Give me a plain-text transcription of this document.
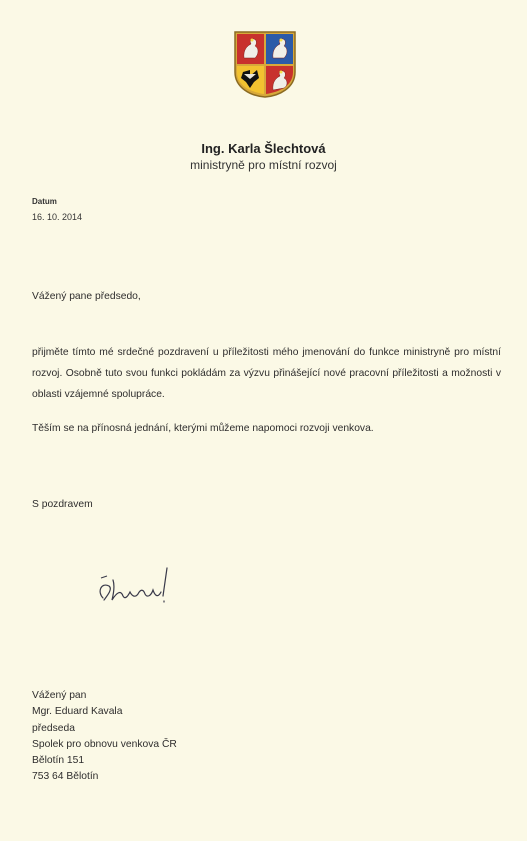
Ing. Karla Šlechtová
ministryně pro místní rozvoj
Datum
16. 10. 2014
Vážený pane předsedo,
přijměte tímto mé srdečné pozdravení u příležitosti mého jmenování do funkce ministryně pro místní rozvoj. Osobně tuto svou funkci pokládám za výzvu přinášející nové pracovní příležitosti a možnosti v oblasti vzájemné spolupráce.
Těším se na přínosná jednání, kterými můžeme napomoci rozvoji venkova.
S pozdravem
Vážený pan
Mgr. Eduard Kavala
předseda
Spolek pro obnovu venkova ČR
Bělotín 151
753 64 Bělotín
